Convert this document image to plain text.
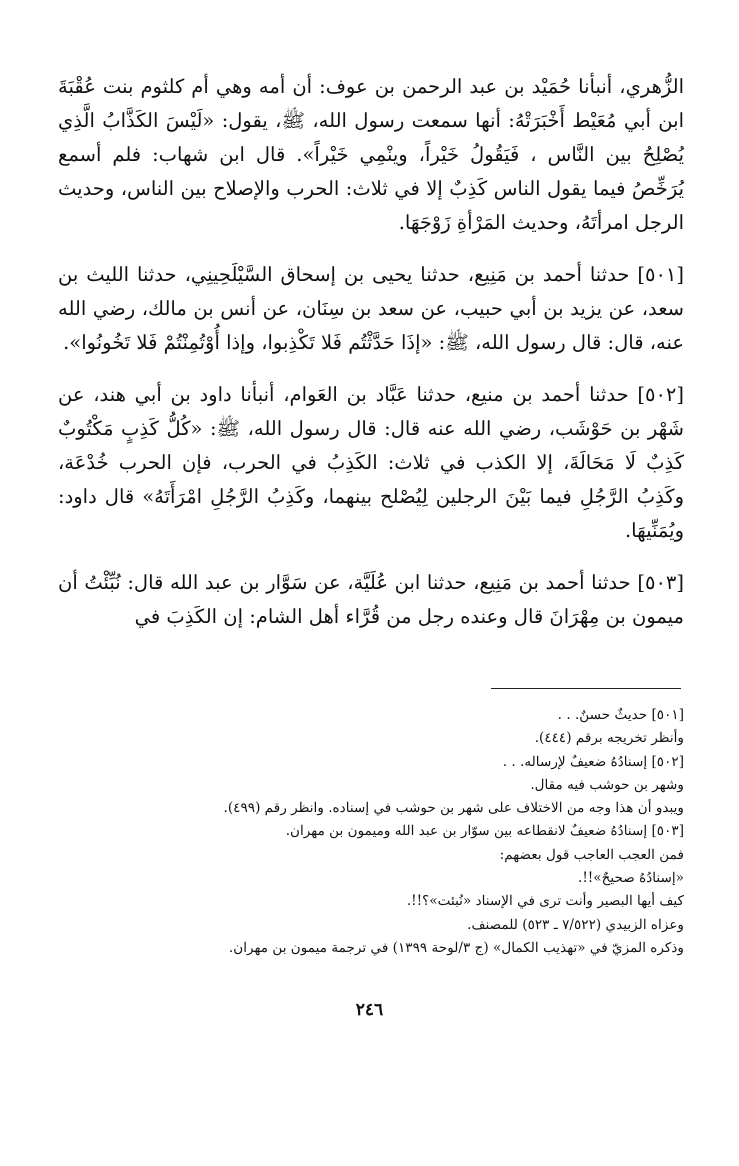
الزُّهري، أنبأنا حُمَيْد بن عبد الرحمن بن عوف: أن أمه وهي أم كلثوم بنت عُقْبَةَ ابن أبي مُعَيْط أَخْبَرَتْهُ: أنها سمعت رسول الله، ﷺ، يقول: «لَيْسَ الكَذَّابُ الَّذِي يُصْلِحُ بين النَّاس ، فَيَقُولُ خَيْراً، وينْمِي خَيْراً». قال ابن شهاب: فلم أسمع يُرَخِّصُ فيما يقول الناس كَذِبٌ إلا في ثلاث: الحرب والإصلاح بين الناس، وحديث الرجل امرأتَهُ، وحديث المَرْأةِ زَوْجَهَا.

[٥٠١] حدثنا أحمد بن مَنِيع، حدثنا يحيى بن إسحاق السَّيْلَحِينِي، حدثنا الليث بن سعد، عن يزيد بن أبي حبيب، عن سعد بن سِنَان، عن أنس بن مالك، رضي الله عنه، قال: قال رسول الله، ﷺ: «إذَا حَدَّثْتُم فَلا تَكْذِبوا، وإذا أُوْتُمِنْتُمْ فَلا تَخُونُوا».

[٥٠٢] حدثنا أحمد بن منيع، حدثنا عَبَّاد بن العَوام، أنبأنا داود بن أبي هند، عن شَهْر بن حَوْشَب، رضي الله عنه قال: قال رسول الله، ﷺ: «كُلُّ كَذِبٍ مَكْتُوبٌ كَذِبٌ لَا مَحَالَةَ، إلا الكذب في ثلاث: الكَذِبُ في الحرب، فإن الحرب خُدْعَة، وكَذِبُ الرَّجُلِ فيما بَيْنَ الرجلين لِيُصْلح بينهما، وكَذِبُ الرَّجُلِ امْرَأَتَهُ» قال داود: ويُمَنِّيهَا.

[٥٠٣] حدثنا أحمد بن مَنِيع، حدثنا ابن عُلَيَّة، عن سَوَّار بن عبد الله قال: نُبِّئْتُ أن ميمون بن مِهْرَانَ قال وعنده رجل من قُرَّاء أهل الشام: إن الكَذِبَ في

[٥٠١] حديثٌ حسنٌ. . .

وأنظر تخريجه برقم (٤٤٤).

[٥٠٢] إسنادُهُ ضعيفٌ لإرساله. . .

وشهر بن حوشب فيه مقال.

ويبدو أن هذا وجه من الاختلاف على شهر بن حوشب في إسناده. وانظر رقم (٤٩٩).

[٥٠٣] إسنادُهُ ضعيفٌ لانقطاعه بين سوّار بن عبد الله وميمون بن مهران.

فمن العجب العاجب قول بعضهم:

«إسنادُهُ صحيحٌ»!!.

كيف أيها البصير وأنت ترى في الإسناد «نُبئت»؟!!.

وعزاه الزبيدي (٧/٥٢٢ ـ ٥٢٣) للمصنف.

وذكره المزيّ في «تهذيب الكمال» (ج ٣/لوحة ١٣٩٩) في ترجمة ميمون بن مهران.

٢٤٦
